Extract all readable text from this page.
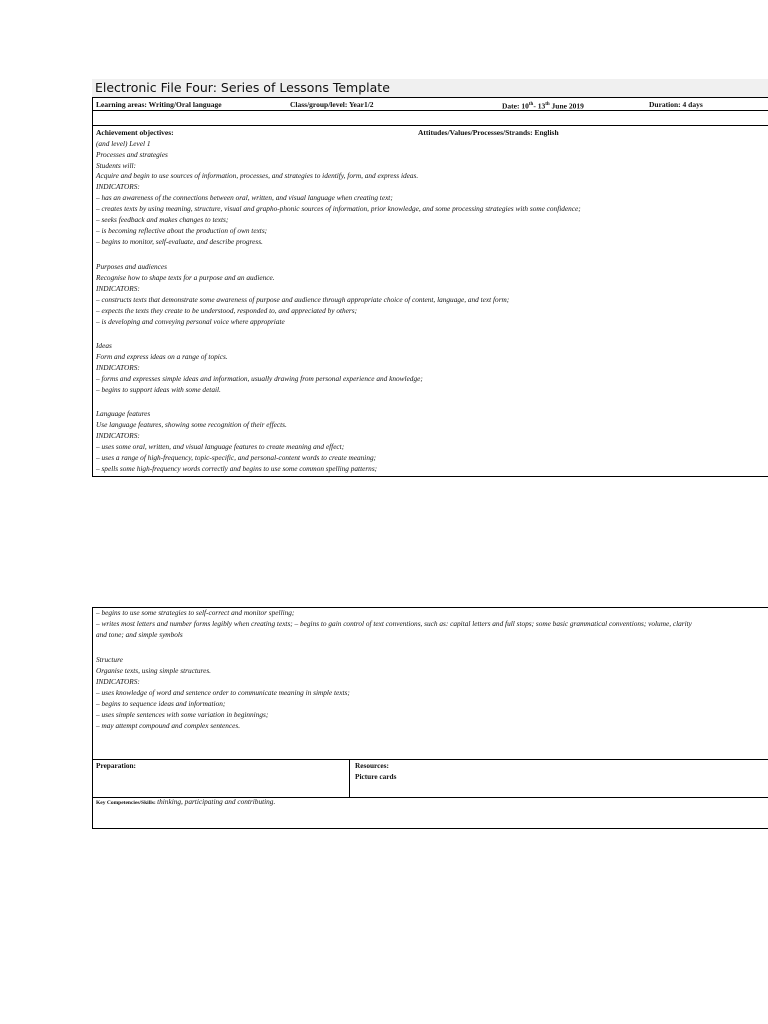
Electronic File Four: Series of Lessons Template
Learning areas: Writing/Oral language	Class/group/level: Year1/2	Date: 10th- 13th June 2019	Duration: 4 days
Achievement objectives:	Attitudes/Values/Processes/Strands: English
(and level) Level 1
Processes and strategies
Students will:
Acquire and begin to use sources of information, processes, and strategies to identify, form, and express ideas.
INDICATORS:
– has an awareness of the connections between oral, written, and visual language when creating text;
– creates texts by using meaning, structure, visual and grapho-phonic sources of information, prior knowledge, and some processing strategies with some confidence;
– seeks feedback and makes changes to texts;
– is becoming reflective about the production of own texts;
– begins to monitor, self-evaluate, and describe progress.
Purposes and audiences
Recognise how to shape texts for a purpose and an audience.
INDICATORS:
– constructs texts that demonstrate some awareness of purpose and audience through appropriate choice of content, language, and text form;
– expects the texts they create to be understood, responded to, and appreciated by others;
– is developing and conveying personal voice where appropriate
Ideas
Form and express ideas on a range of topics.
INDICATORS:
– forms and expresses simple ideas and information, usually drawing from personal experience and knowledge;
– begins to support ideas with some detail.
Language features
Use language features, showing some recognition of their effects.
INDICATORS:
– uses some oral, written, and visual language features to create meaning and effect;
– uses a range of high-frequency, topic-specific, and personal-content words to create meaning;
– spells some high-frequency words correctly and begins to use some common spelling patterns;
– begins to use some strategies to self-correct and monitor spelling;
– writes most letters and number forms legibly when creating texts; – begins to gain control of text conventions, such as: capital letters and full stops; some basic grammatical conventions; volume, clarity
and tone; and simple symbols
Structure
Organise texts, using simple structures.
INDICATORS:
– uses knowledge of word and sentence order to communicate meaning in simple texts;
– begins to sequence ideas and information;
– uses simple sentences with some variation in beginnings;
– may attempt compound and complex sentences.
Preparation:	Resources:
Picture cards
Key Competencies/Skills: thinking, participating and contributing.
